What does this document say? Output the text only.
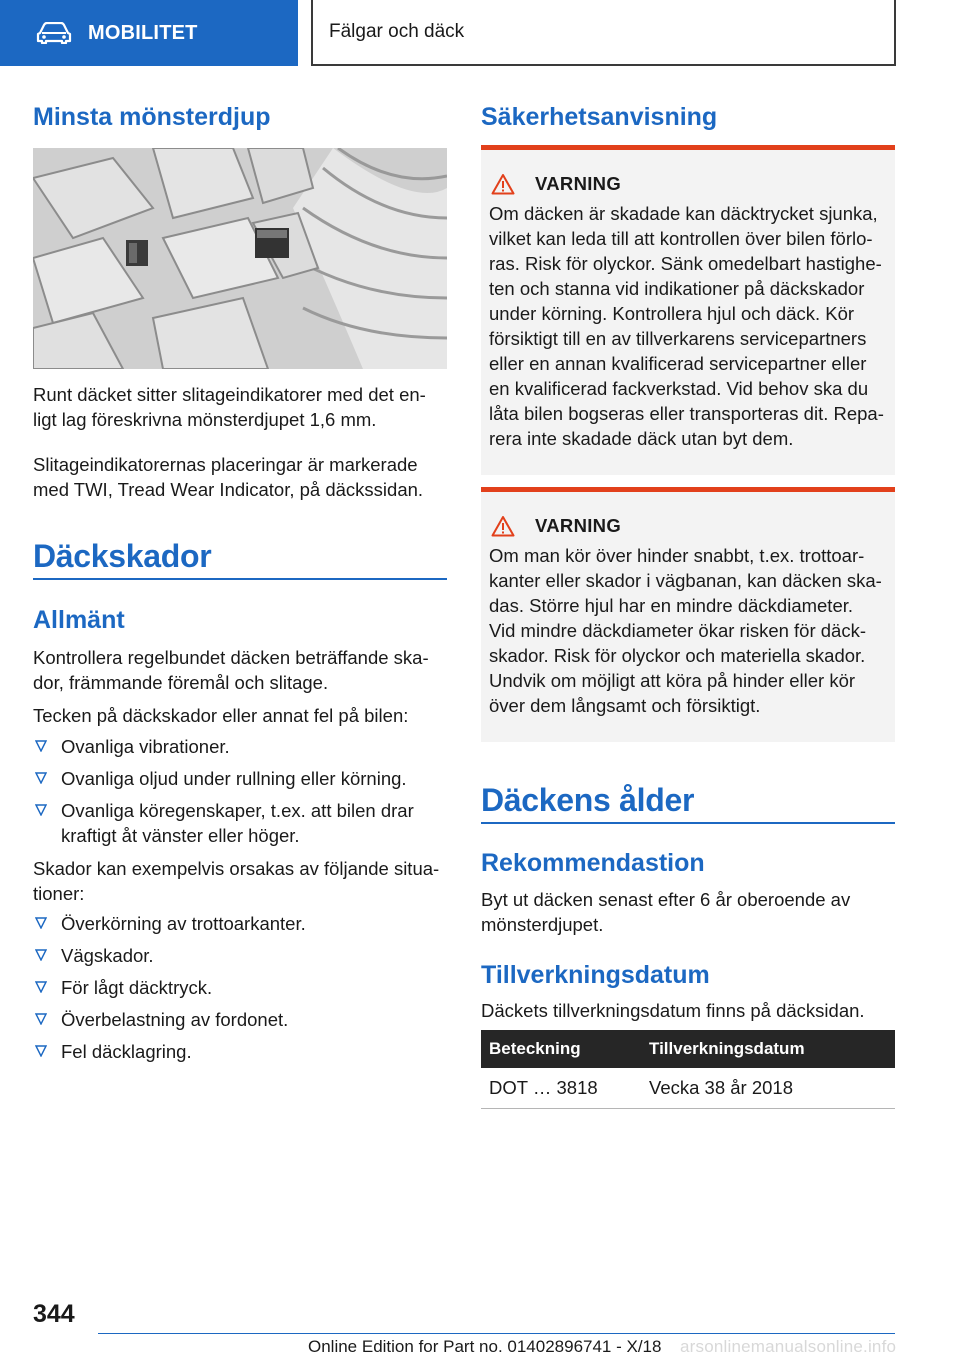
MOBILITET	Fälgar och däck
Minsta mönsterdjup
Runt däcket sitter slitageindikatorer med det en-
ligt lag föreskrivna mönsterdjupet 1,6 mm.
Slitageindikatorernas placeringar är markerade
med TWI, Tread Wear Indicator, på däckssidan.
Däckskador
Allmänt
Kontrollera regelbundet däcken beträffande ska-
dor, främmande föremål och slitage.
Tecken på däckskador eller annat fel på bilen:
Ovanliga vibrationer.
Ovanliga oljud under rullning eller körning.
Ovanliga köregenskaper, t.ex. att bilen drar
kraftigt åt vänster eller höger.
Skador kan exempelvis orsakas av följande situa-
tioner:
Överkörning av trottoarkanter.
Vägskador.
För lågt däcktryck.
Överbelastning av fordonet.
Fel däcklagring.
Säkerhetsanvisning
VARNING
Om däcken är skadade kan däcktrycket sjunka,
vilket kan leda till att kontrollen över bilen förlo-
ras. Risk för olyckor. Sänk omedelbart hastighe-
ten och stanna vid indikationer på däckskador
under körning. Kontrollera hjul och däck. Kör
försiktigt till en av tillverkarens servicepartners
eller en annan kvalificerad servicepartner eller
en kvalificerad fackverkstad. Vid behov ska du
låta bilen bogseras eller transporteras dit. Repa-
rera inte skadade däck utan byt dem.
VARNING
Om man kör över hinder snabbt, t.ex. trottoar-
kanter eller skador i vägbanan, kan däcken ska-
das. Större hjul har en mindre däckdiameter.
Vid mindre däckdiameter ökar risken för däck-
skador. Risk för olyckor och materiella skador.
Undvik om möjligt att köra på hinder eller kör
över dem långsamt och försiktigt.
Däckens ålder
Rekommendastion
Byt ut däcken senast efter 6 år oberoende av
mönsterdjupet.
Tillverkningsdatum
Däckets tillverkningsdatum finns på däcksidan.
Beteckning	Tillverkningsdatum
DOT … 3818	Vecka 38 år 2018
344
Online Edition for Part no. 01402896741 - X/18 arsonlinemanualsonline.info
